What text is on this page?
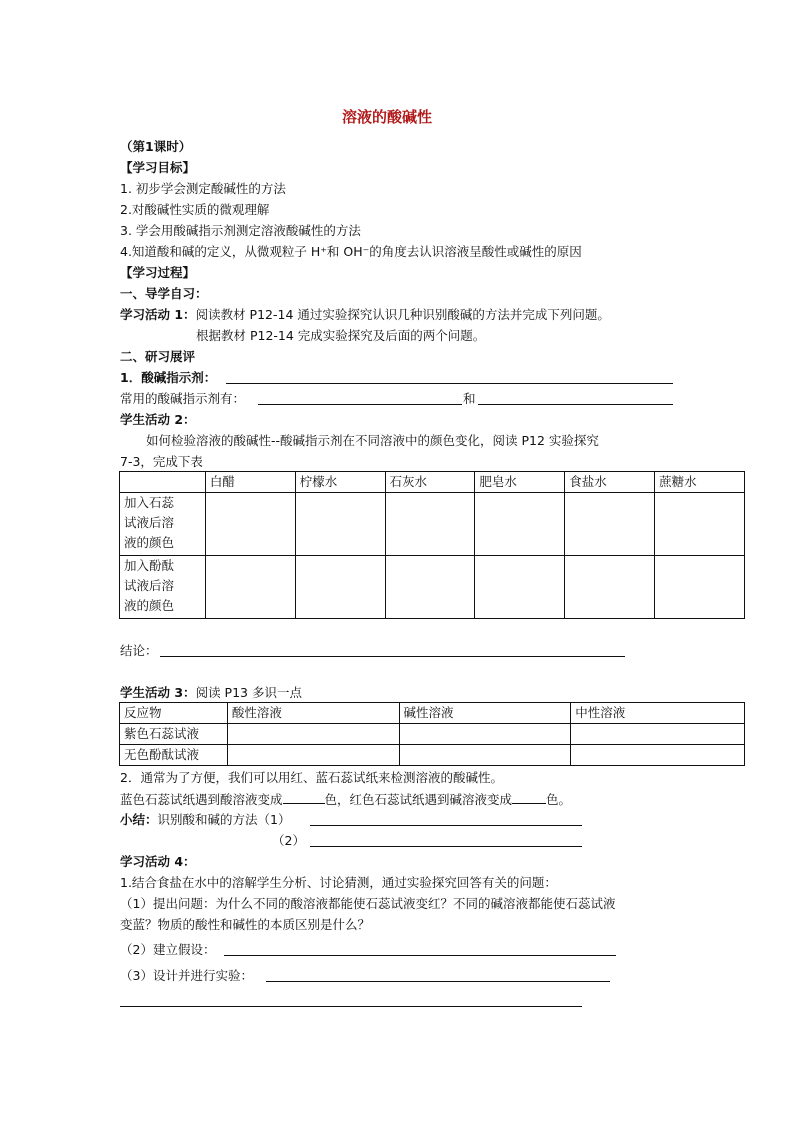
溶液的酸碱性
（第1课时）
【学习目标】
1. 初步学会测定酸碱性的方法
2.对酸碱性实质的微观理解
3. 学会用酸碱指示剂测定溶液酸碱性的方法
4.知道酸和碱的定义，从微观粒子 H⁺和 OH⁻的角度去认识溶液呈酸性或碱性的原因
【学习过程】
一、导学自习：
学习活动 1：阅读教材 P12-14 通过实验探究认识几种识别酸碱的方法并完成下列问题。
根据教材 P12-14 完成实验探究及后面的两个问题。
二、研习展评
1．酸碱指示剂：
常用的酸碱指示剂有：	和
学生活动 2：
如何检验溶液的酸碱性--酸碱指示剂在不同溶液中的颜色变化，阅读 P12 实验探究
7-3，完成下表
	白醋	柠檬水	石灰水	肥皂水	食盐水	蔗糖水

加入石蕊
试液后溶
液的颜色						

加入酚酞
试液后溶
液的颜色						

结论：
学生活动 3：阅读 P13 多识一点
反应物	酸性溶液	碱性溶液	中性溶液
紫色石蕊试液			
无色酚酞试液			
2．通常为了方便，我们可以用红、蓝石蕊试纸来检测溶液的酸碱性。
蓝色石蕊试纸遇到酸溶液变成	色，红色石蕊试纸遇到碱溶液变成	色。
小结：识别酸和碱的方法（1）
（2）
学习活动 4：
1.结合食盐在水中的溶解学生分析、讨论猜测，通过实验探究回答有关的问题：
（1）提出问题：为什么不同的酸溶液都能使石蕊试液变红？不同的碱溶液都能使石蕊试液
变蓝？物质的酸性和碱性的本质区别是什么？
（2）建立假设：
（3）设计并进行实验：
